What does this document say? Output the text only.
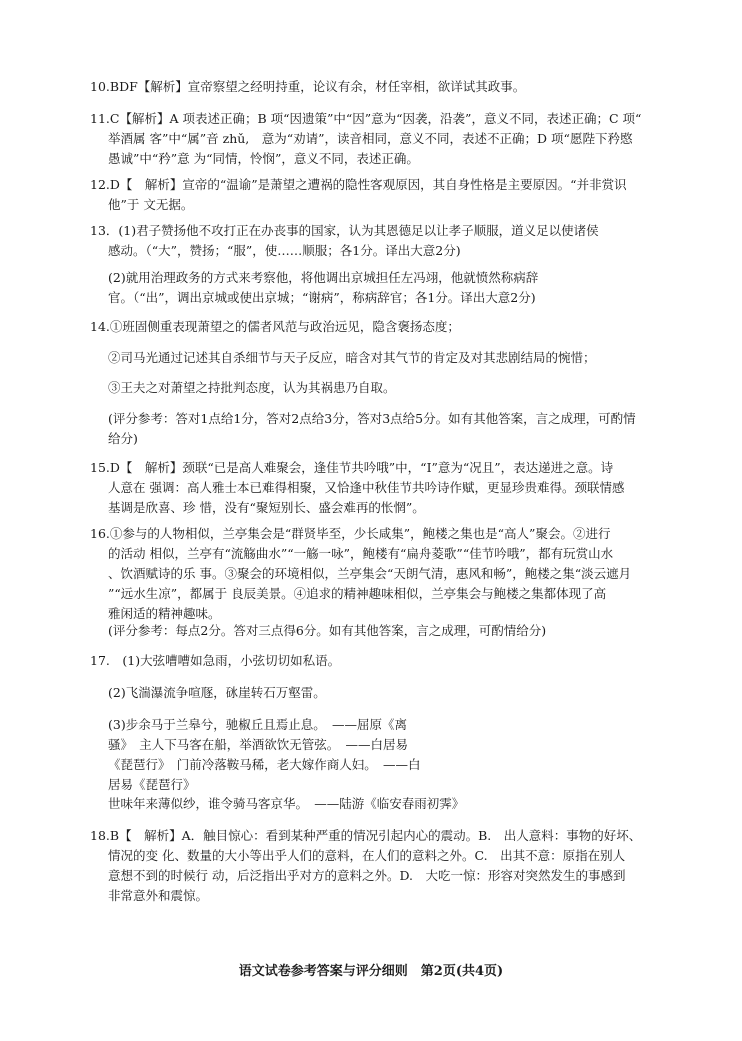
10.BDF【解析】宣帝察望之经明持重，论议有余，材任宰相，欲详试其政事。
11.C【解析】A 项表述正确；B 项“因遗策”中“因”意为“因袭，沿袭”，意义不同，表述正确；C 项“
举酒属 客”中“属”音 zhǔ,　意为“劝请”，读音相同，意义不同，表述不正确；D 项“愿陛下矜愍
愚诚”中“矜”意 为“同情，怜悯”，意义不同，表述正确。
12.D【　解析】宣帝的“温谕”是萧望之遭祸的隐性客观原因，其自身性格是主要原因。“并非赏识
他”于 文无据。
13．(1)君子赞扬他不攻打正在办丧事的国家，认为其恩德足以让孝子顺服，道义足以使诸侯
感动。（“大”，赞扬；“服”，使……顺服；各1分。译出大意2分)
(2)就用治理政务的方式来考察他，将他调出京城担任左冯翊，他就愤然称病辞
官。（“出”，调出京城或使出京城；“谢病”，称病辞官；各1分。译出大意2分)
14.①班固侧重表现萧望之的儒者风范与政治远见，隐含褒扬态度；
②司马光通过记述其自杀细节与天子反应，暗含对其气节的肯定及对其悲剧结局的惋惜；
③王夫之对萧望之持批判态度，认为其祸患乃自取。
(评分参考：答对1点给1分，答对2点给3分，答对3点给5分。如有其他答案，言之成理，可酌情
给分)
15.D【　解析】颈联“已是高人难聚会，逢佳节共吟哦”中，“I”意为“况且”，表达递进之意。诗
人意在 强调：高人雅士本已难得相聚，又恰逢中秋佳节共吟诗作赋，更显珍贵难得。颈联情感
基调是欣喜、珍 惜，没有“聚短别长、盛会难再的怅惘”。
16.①参与的人物相似，兰亭集会是“群贤毕至，少长咸集”，鲍楼之集也是“高人”聚会。②进行
的活动 相似，兰亭有“流觞曲水”“一觞一咏”，鲍楼有“扁舟菱歌”“佳节吟哦”，都有玩赏山水
、饮酒赋诗的乐 事。③聚会的环境相似，兰亭集会“天朗气清，惠风和畅”，鲍楼之集“淡云遮月
”“远水生凉”，都属于 良辰美景。④追求的精神趣味相似，兰亭集会与鲍楼之集都体现了高
雅闲适的精神趣味。
(评分参考：每点2分。答对三点得6分。如有其他答案，言之成理，可酌情给分)
17.　(1)大弦嘈嘈如急雨，小弦切切如私语。
(2)飞湍瀑流争喧豗，砯崖转石万壑雷。
(3)步余马于兰皋兮，驰椒丘且焉止息。　——屈原《离
骚》　主人下马客在船，举酒欲饮无管弦。　——白居易
《琵琶行》　门前冷落鞍马稀，老大嫁作商人妇。　——白
居易《琵琶行》
世味年来薄似纱，谁令骑马客京华。　——陆游《临安春雨初霁》
18.B【　解析】A．触目惊心：看到某种严重的情况引起内心的震动。B.　出人意料：事物的好坏、
情况的变 化、数量的大小等出乎人们的意料，在人们的意料之外。C.　出其不意：原指在别人
意想不到的时候行 动，后泛指出乎对方的意料之外。D.　大吃一惊：形容对突然发生的事感到
非常意外和震惊。
语文试卷参考答案与评分细则　第2页(共4页)
